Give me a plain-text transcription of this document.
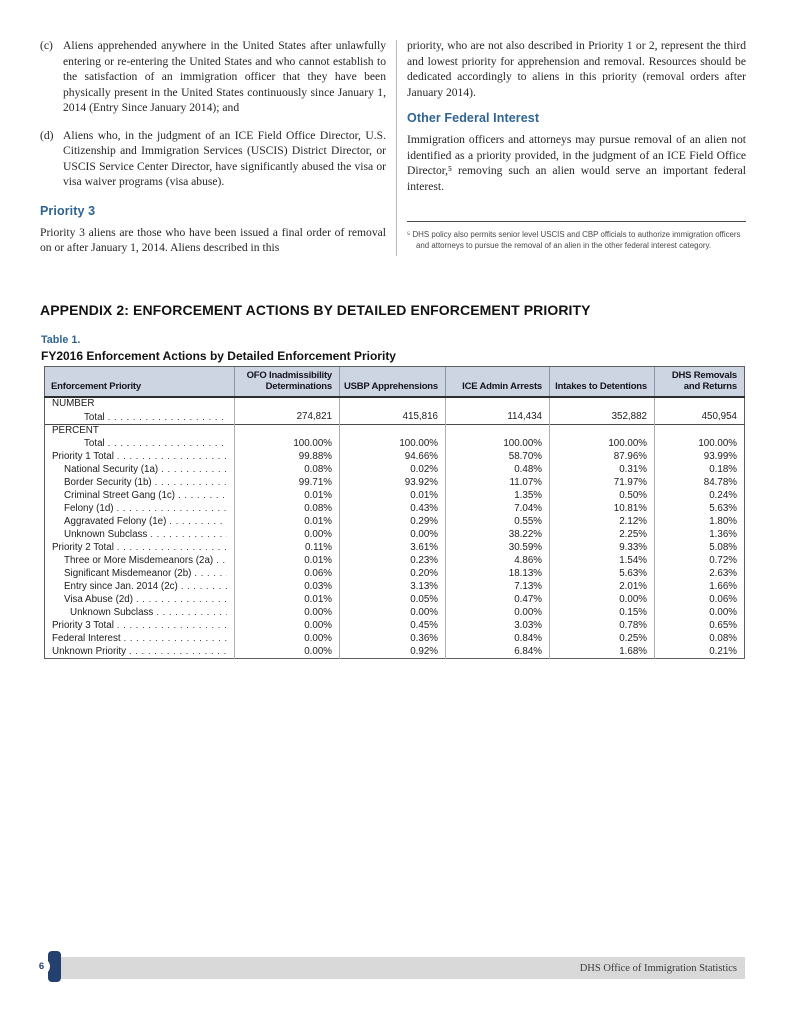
(c) Aliens apprehended anywhere in the United States after unlawfully entering or re-entering the United States and who cannot establish to the satisfaction of an immigration officer that they have been physically present in the United States continuously since January 1, 2014 (Entry Since January 2014); and
(d) Aliens who, in the judgment of an ICE Field Office Director, U.S. Citizenship and Immigration Services (USCIS) District Director, or USCIS Service Center Director, have significantly abused the visa or visa waiver programs (visa abuse).
Priority 3

Priority 3 aliens are those who have been issued a final order of removal on or after January 1, 2014. Aliens described in this

priority, who are not also described in Priority 1 or 2, represent the third and lowest priority for apprehension and removal. Resources should be dedicated accordingly to aliens in this priority (removal orders after January 2014).

Other Federal Interest

Immigration officers and attorneys may pursue removal of an alien not identified as a priority provided, in the judgment of an ICE Field Office Director,⁵ removing such an alien would serve an important federal interest.

⁵ DHS policy also permits senior level USCIS and CBP officials to authorize immigration officers and attorneys to pursue the removal of an alien in the other federal interest category.

APPENDIX 2: ENFORCEMENT ACTIONS BY DETAILED ENFORCEMENT PRIORITY
Table 1.
FY2016 Enforcement Actions by Detailed Enforcement Priority
Enforcement Priority	OFO Inadmissibility Determinations	USBP Apprehensions	ICE Admin Arrests	Intakes to Detentions	DHS Removals and Returns

NUMBER

Total . . .	274,821	415,816	114,434	352,882	450,954

PERCENT

Total . . .	100.00%	100.00%	100.00%	100.00%	100.00%

Priority 1 Total . . .	99.88%	94.66%	58.70%	87.96%	93.99%

National Security (1a) . . .	0.08%	0.02%	0.48%	0.31%	0.18%

Border Security (1b) . . .	99.71%	93.92%	11.07%	71.97%	84.78%

Criminal Street Gang (1c) . . .	0.01%	0.01%	1.35%	0.50%	0.24%

Felony (1d) . . .	0.08%	0.43%	7.04%	10.81%	5.63%

Aggravated Felony (1e) . . .	0.01%	0.29%	0.55%	2.12%	1.80%

Unknown Subclass . . .	0.00%	0.00%	38.22%	2.25%	1.36%

Priority 2 Total . . .	0.11%	3.61%	30.59%	9.33%	5.08%

Three or More Misdemeanors (2a) . . .	0.01%	0.23%	4.86%	1.54%	0.72%

Significant Misdemeanor (2b) . . .	0.06%	0.20%	18.13%	5.63%	2.63%

Entry since Jan. 2014 (2c) . . .	0.03%	3.13%	7.13%	2.01%	1.66%

Visa Abuse (2d) . . .	0.01%	0.05%	0.47%	0.00%	0.06%

Unknown Subclass . . .	0.00%	0.00%	0.00%	0.15%	0.00%

Priority 3 Total . . .	0.00%	0.45%	3.03%	0.78%	0.65%

Federal Interest . . .	0.00%	0.36%	0.84%	0.25%	0.08%

Unknown Priority . . .	0.00%	0.92%	6.84%	1.68%	0.21%
DHS Office of Immigration Statistics
6
